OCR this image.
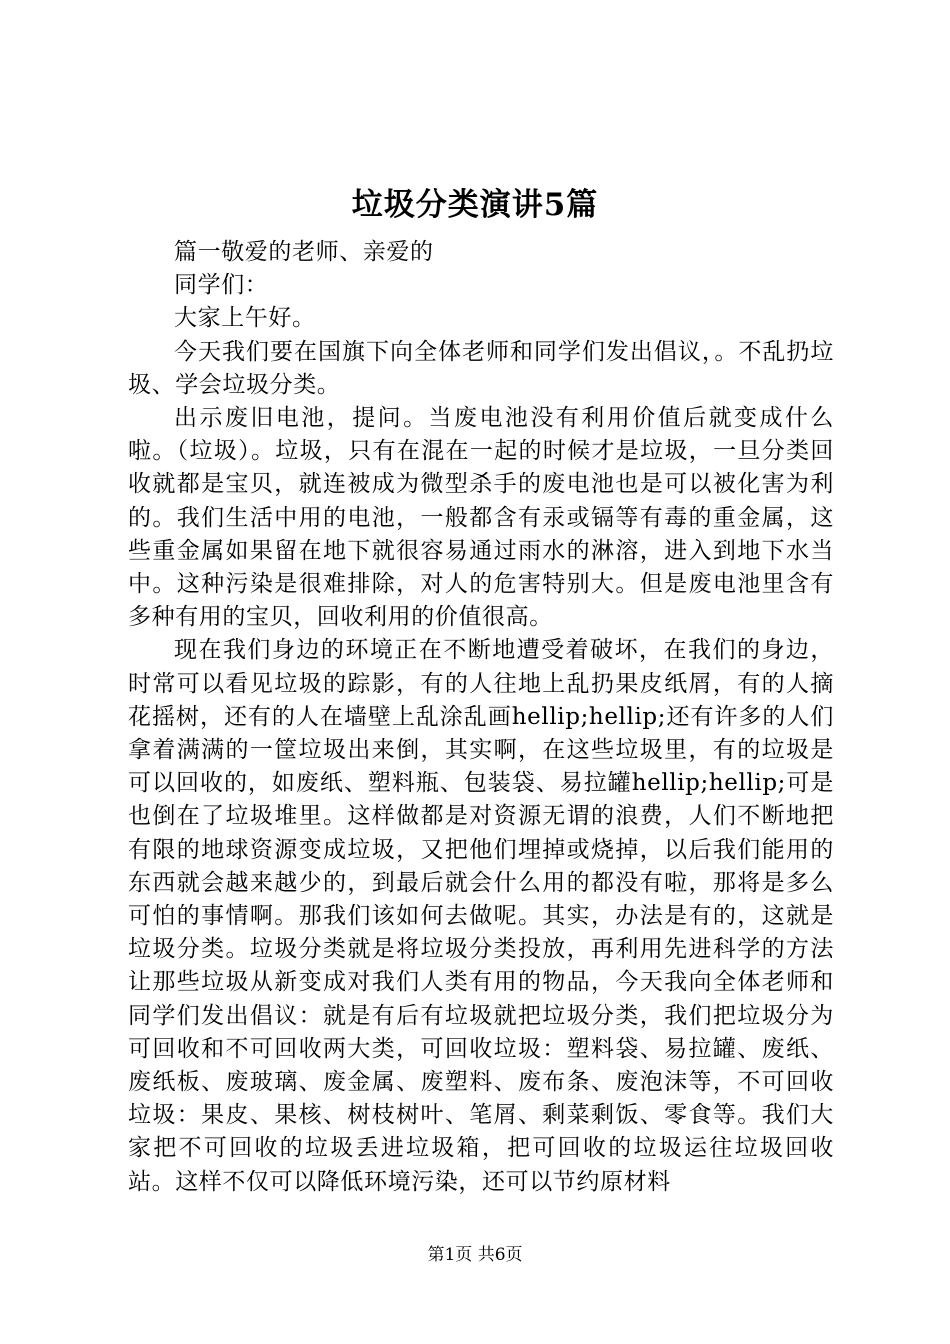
垃圾分类演讲5篇

篇一敬爱的老师、亲爱的

同学们：

大家上午好。

今天我们要在国旗下向全体老师和同学们发出倡议，。不乱扔垃圾、学会垃圾分类。

出示废旧电池，提问。当废电池没有利用价值后就变成什么啦。（垃圾）。垃圾，只有在混在一起的时候才是垃圾，一旦分类回收就都是宝贝，就连被成为微型杀手的废电池也是可以被化害为利的。我们生活中用的电池，一般都含有汞或镉等有毒的重金属，这些重金属如果留在地下就很容易通过雨水的淋溶，进入到地下水当中。这种污染是很难排除，对人的危害特别大。但是废电池里含有多种有用的宝贝，回收利用的价值很高。

现在我们身边的环境正在不断地遭受着破坏，在我们的身边，时常可以看见垃圾的踪影，有的人往地上乱扔果皮纸屑，有的人摘花摇树，还有的人在墙壁上乱涂乱画hellip;hellip;还有许多的人们拿着满满的一筐垃圾出来倒，其实啊，在这些垃圾里，有的垃圾是可以回收的，如废纸、塑料瓶、包装袋、易拉罐hellip;hellip;可是也倒在了垃圾堆里。这样做都是对资源无谓的浪费，人们不断地把有限的地球资源变成垃圾，又把他们埋掉或烧掉，以后我们能用的东西就会越来越少的，到最后就会什么用的都没有啦，那将是多么可怕的事情啊。那我们该如何去做呢。其实，办法是有的，这就是垃圾分类。垃圾分类就是将垃圾分类投放，再利用先进科学的方法让那些垃圾从新变成对我们人类有用的物品，今天我向全体老师和同学们发出倡议：就是有后有垃圾就把垃圾分类，我们把垃圾分为可回收和不可回收两大类，可回收垃圾：塑料袋、易拉罐、废纸、废纸板、废玻璃、废金属、废塑料、废布条、废泡沫等，不可回收垃圾：果皮、果核、树枝树叶、笔屑、剩菜剩饭、零食等。我们大家把不可回收的垃圾丢进垃圾箱，把可回收的垃圾运往垃圾回收站。这样不仅可以降低环境污染，还可以节约原材料

第1页 共6页
